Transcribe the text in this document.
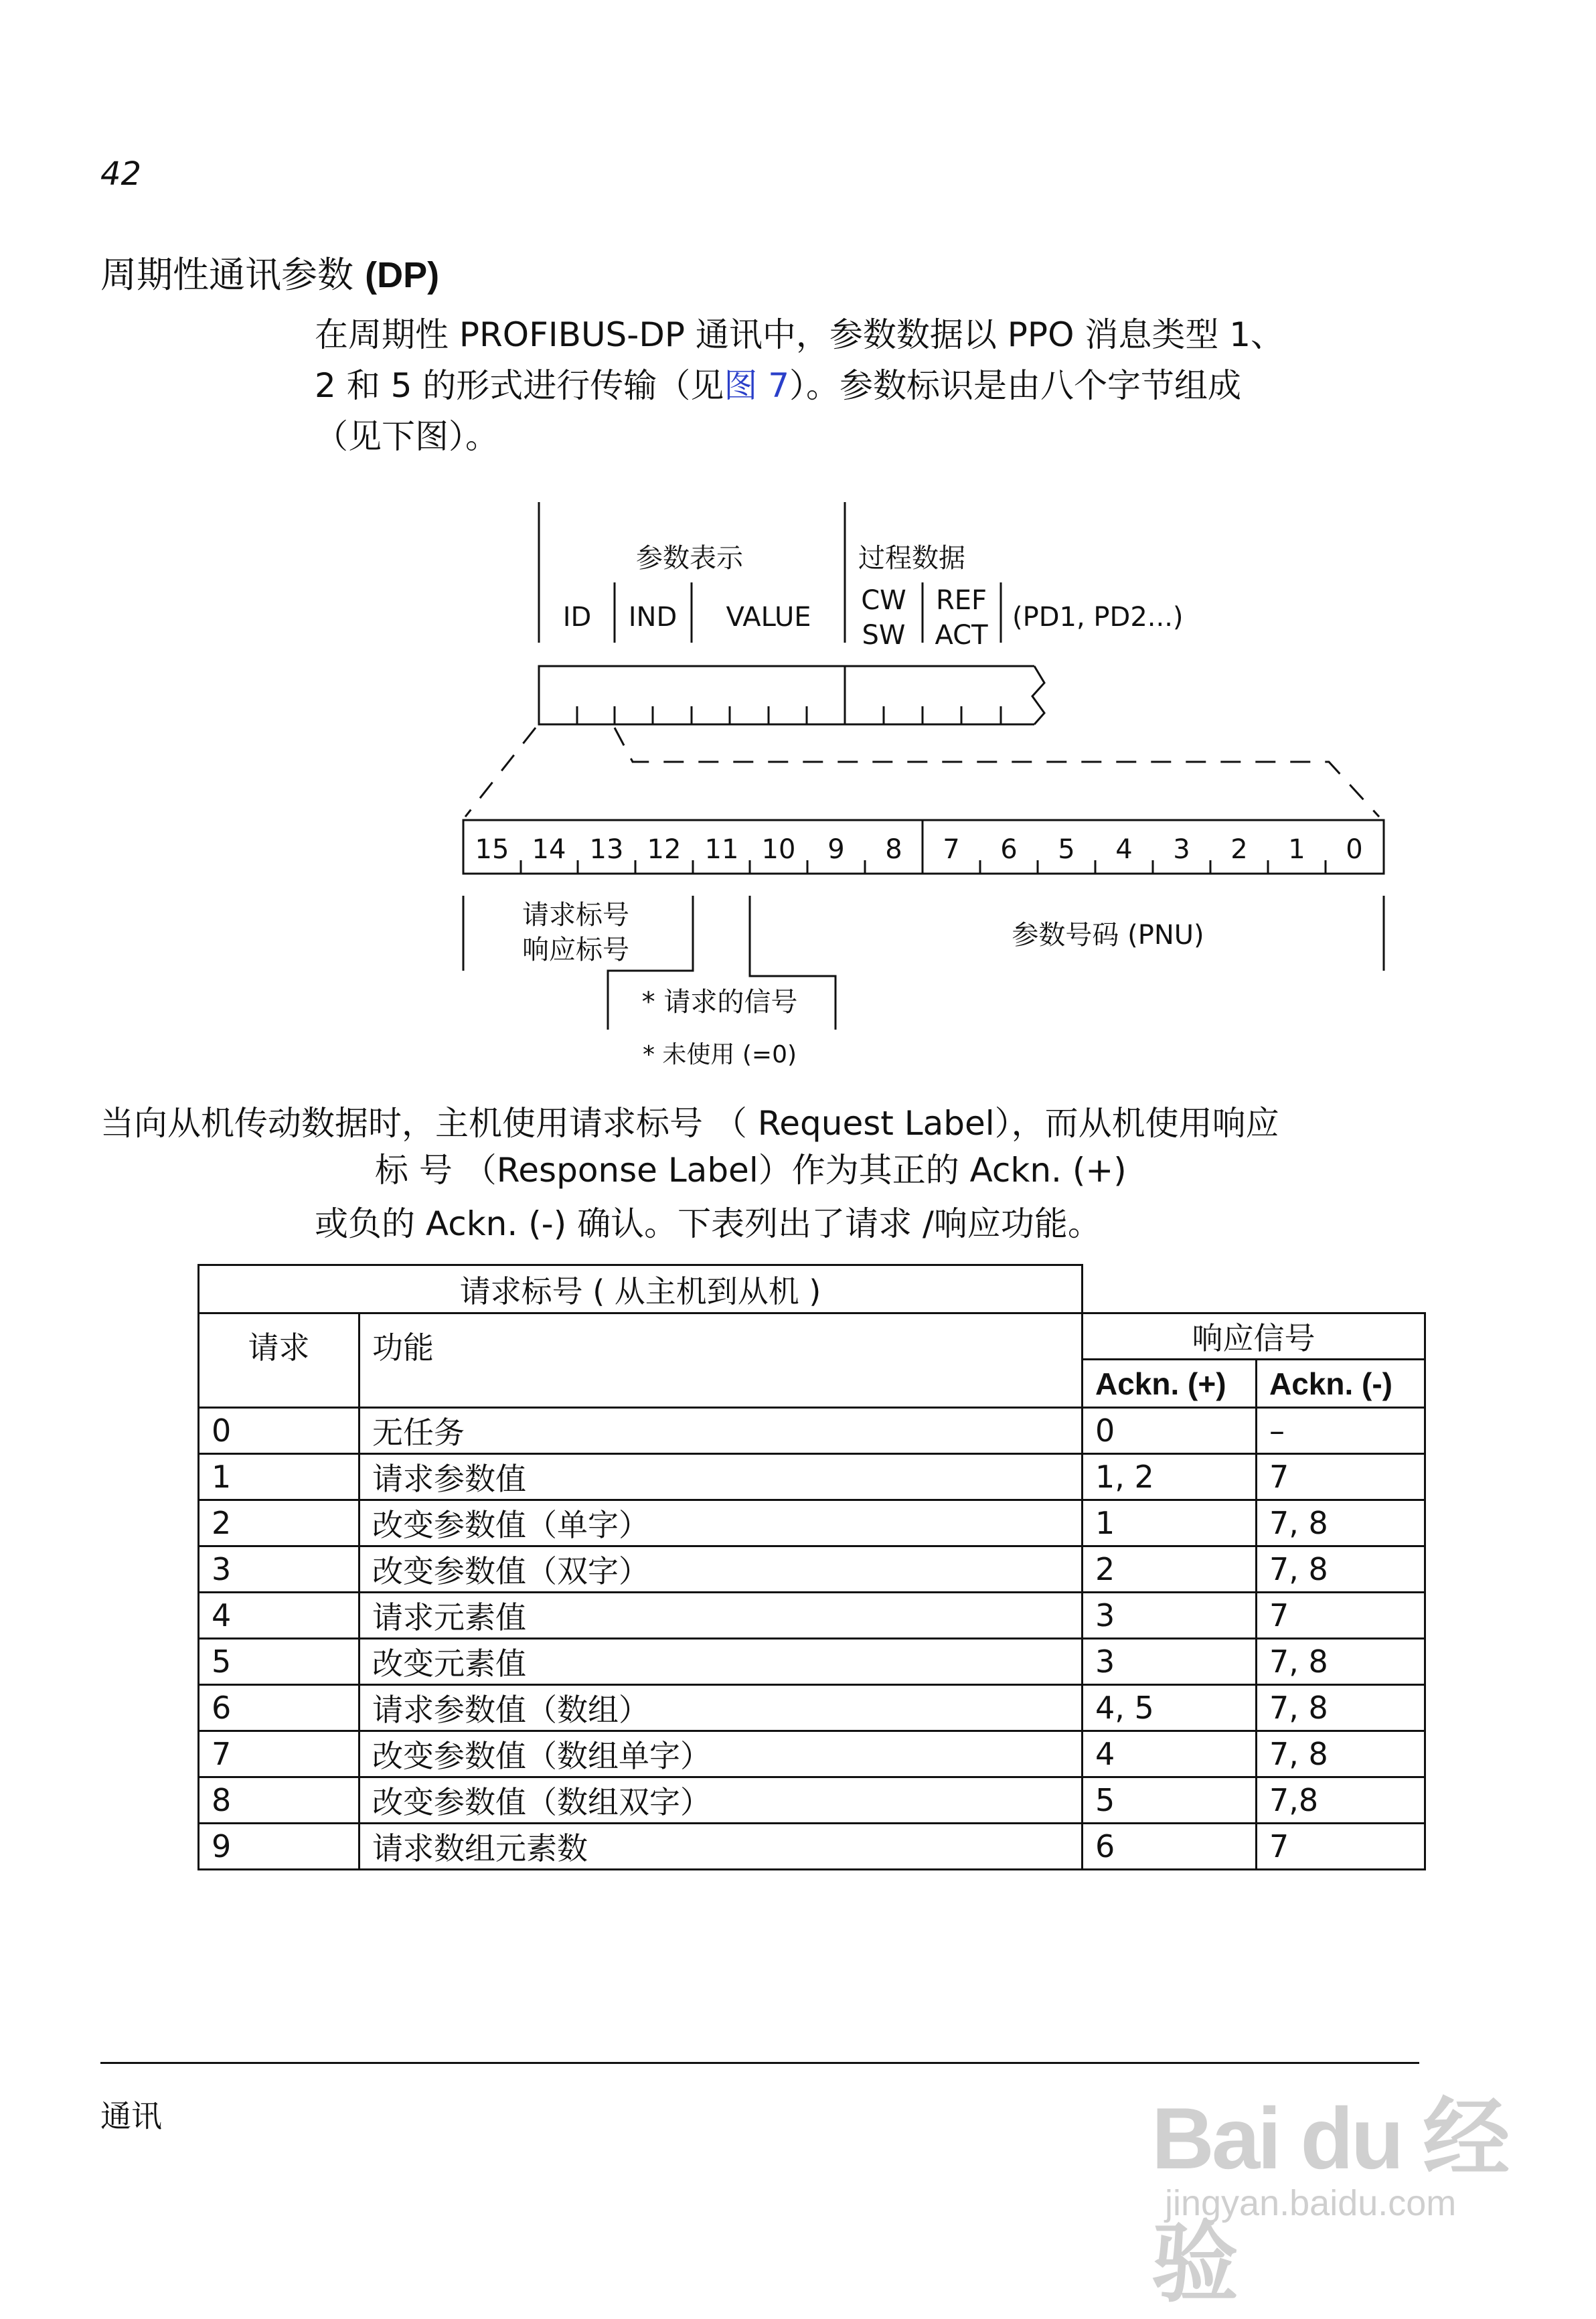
42
周期性通讯参数 (DP)
在周期性 PROFIBUS-DP 通讯中，参数数据以 PPO 消息类型 1、
2 和 5 的形式进行传输（见图 7）。参数标识是由八个字节组成
（见下图）。
参数表示	过程数据
ID IND VALUE
CW
SW
REF
ACT
(PD1, PD2...)
15 14 13 12 11 10 9 8 7 6 5 4 3 2 1 0
请求标号
响应标号	参数号码 (PNU)
* 请求的信号
* 未使用 (=0)
当向从机传动数据时，主机使用请求标号 （ Request Label），而从机使用响应
标 号 （Response Label）作为其正的 Ackn. (+)
或负的 Ackn. (-) 确认。下表列出了请求 /响应功能。
请求标号 ( 从主机到从机 )			
请求	功能	响应信号	
		Ackn. (+)	Ackn. (-)
0	无任务	0	–
1	请求参数值	1, 2	7
2	改变参数值（单字）	1	7, 8
3	改变参数值（双字）	2	7, 8
4	请求元素值	3	7
5	改变元素值	3	7, 8
6	请求参数值（数组）	4, 5	7, 8
7	改变参数值（数组单字）	4	7, 8
8	改变参数值（数组双字）	5	7,8
9	请求数组元素数	6	7
通讯	Bai du 经验
jingyan.baidu.com
